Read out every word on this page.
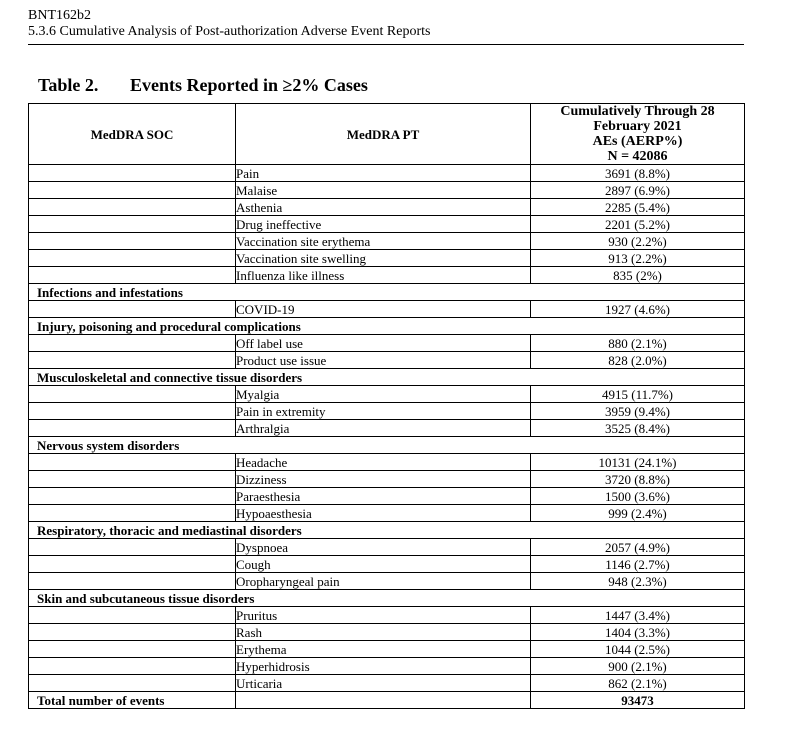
BNT162b2
5.3.6 Cumulative Analysis of Post-authorization Adverse Event Reports
Table 2. Events Reported in ≥2% Cases
MedDRA SOC	MedDRA PT	Cumulatively Through 28
February 2021
AEs (AERP%)
N = 42086

	Pain	3691 (8.8%)
	Malaise	2897 (6.9%)
	Asthenia	2285 (5.4%)
	Drug ineffective	2201 (5.2%)
	Vaccination site erythema	930 (2.2%)
	Vaccination site swelling	913 (2.2%)
	Influenza like illness	835 (2%)
Infections and infestations		
	COVID-19	1927 (4.6%)
Injury, poisoning and procedural complications		
	Off label use	880 (2.1%)
	Product use issue	828 (2.0%)
Musculoskeletal and connective tissue disorders		
	Myalgia	4915 (11.7%)
	Pain in extremity	3959 (9.4%)
	Arthralgia	3525 (8.4%)
Nervous system disorders		
	Headache	10131 (24.1%)
	Dizziness	3720 (8.8%)
	Paraesthesia	1500 (3.6%)
	Hypoaesthesia	999 (2.4%)
Respiratory, thoracic and mediastinal disorders		
	Dyspnoea	2057 (4.9%)
	Cough	1146 (2.7%)
	Oropharyngeal pain	948 (2.3%)
Skin and subcutaneous tissue disorders		
	Pruritus	1447 (3.4%)
	Rash	1404 (3.3%)
	Erythema	1044 (2.5%)
	Hyperhidrosis	900 (2.1%)
	Urticaria	862 (2.1%)
Total number of events		93473
